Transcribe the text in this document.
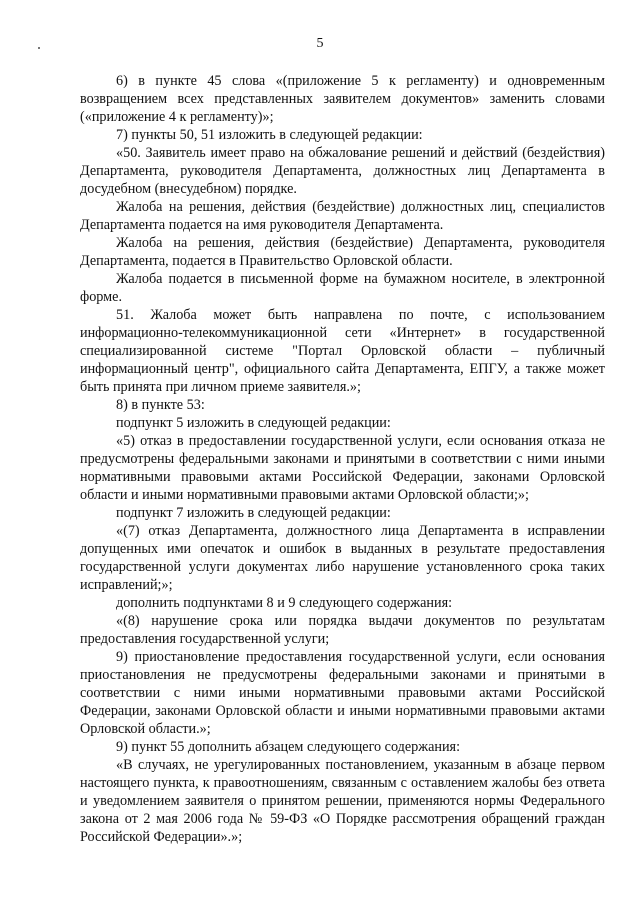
5

6) в пункте 45 слова «(приложение 5 к регламенту) и одновременным возвращением всех представленных заявителем документов» заменить словами («приложение 4 к регламенту)»;

7) пункты 50, 51 изложить в следующей редакции:

«50. Заявитель имеет право на обжалование решений и действий (бездействия) Департамента, руководителя Департамента, должностных лиц Департамента в досудебном (внесудебном) порядке.

Жалоба на решения, действия (бездействие) должностных лиц, специалистов Департамента подается на имя руководителя Департамента.

Жалоба на решения, действия (бездействие) Департамента, руководителя Департамента, подается в Правительство Орловской области.

Жалоба подается в письменной форме на бумажном носителе, в электронной форме.

51. Жалоба может быть направлена по почте, с использованием информационно-телекоммуникационной сети «Интернет» в государственной специализированной системе "Портал Орловской области – публичный информационный центр", официального сайта Департамента, ЕПГУ, а также может быть принята при личном приеме заявителя.»;

8) в пункте 53:

подпункт 5 изложить в следующей редакции:

«5) отказ в предоставлении государственной услуги, если основания отказа не предусмотрены федеральными законами и принятыми в соответствии с ними иными нормативными правовыми актами Российской Федерации, законами Орловской области и иными нормативными правовыми актами Орловской области;»;

подпункт 7 изложить в следующей редакции:

«(7) отказ Департамента, должностного лица Департамента в исправлении допущенных ими опечаток и ошибок в выданных в результате предоставления государственной услуги документах либо нарушение установленного срока таких исправлений;»;

дополнить подпунктами 8 и 9 следующего содержания:

«(8) нарушение срока или порядка выдачи документов по результатам предоставления государственной услуги;

9) приостановление предоставления государственной услуги, если основания приостановления не предусмотрены федеральными законами и принятыми в соответствии с ними иными нормативными правовыми актами Российской Федерации, законами Орловской области и иными нормативными правовыми актами Орловской области.»;

9) пункт 55 дополнить абзацем следующего содержания:

«В случаях, не урегулированных постановлением, указанным в абзаце первом настоящего пункта, к правоотношениям, связанным с оставлением жалобы без ответа и уведомлением заявителя о принятом решении, применяются нормы Федерального закона от 2 мая 2006 года № 59-ФЗ «О Порядке рассмотрения обращений граждан Российской Федерации».»;
